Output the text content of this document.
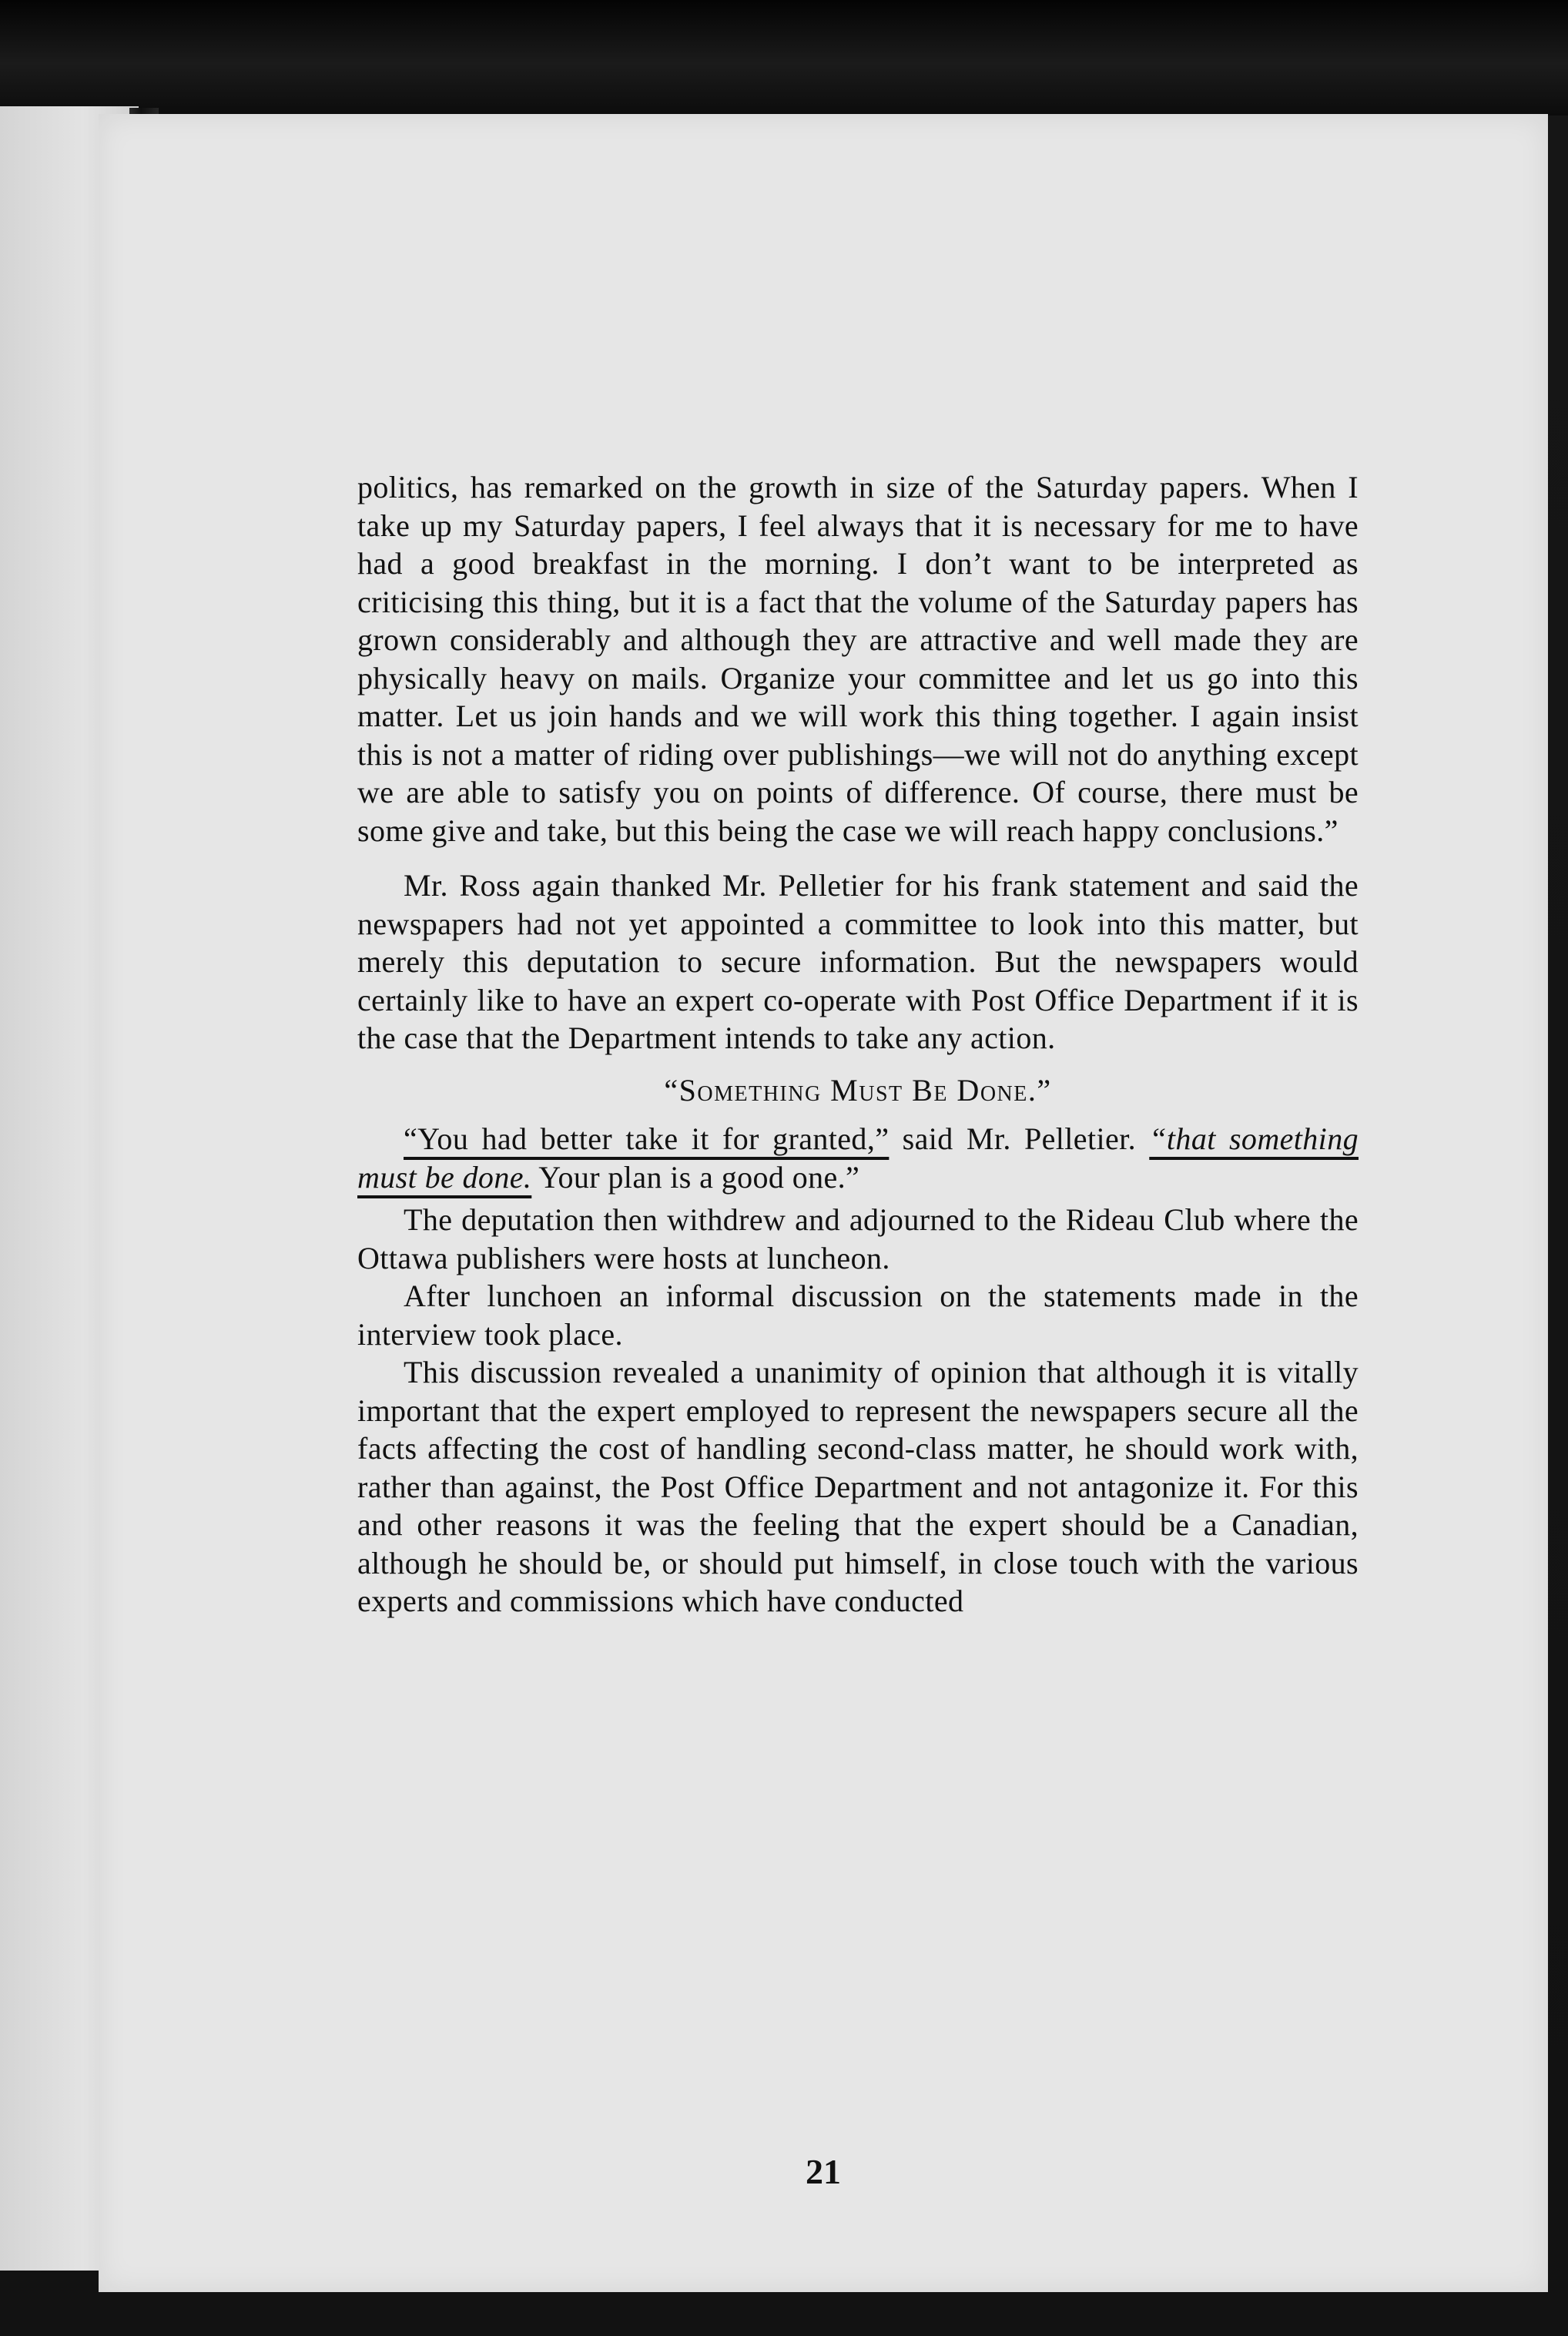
politics, has remarked on the growth in size of the Saturday papers. When I take up my Saturday papers, I feel always that it is necessary for me to have had a good breakfast in the morning. I don’t want to be interpreted as criticising this thing, but it is a fact that the volume of the Saturday papers has grown considerably and although they are attractive and well made they are physically heavy on mails. Organize your committee and let us go into this matter. Let us join hands and we will work this thing together. I again insist this is not a matter of riding over publishings—we will not do anything except we are able to satisfy you on points of difference. Of course, there must be some give and take, but this being the case we will reach happy conclusions.”

Mr. Ross again thanked Mr. Pelletier for his frank statement and said the newspapers had not yet appointed a committee to look into this matter, but merely this deputation to secure information. But the newspapers would certainly like to have an expert co-operate with Post Office Department if it is the case that the Department intends to take any action.

“Something Must Be Done.”

“You had better take it for granted,” said Mr. Pelletier. “that something must be done. Your plan is a good one.”

The deputation then withdrew and adjourned to the Rideau Club where the Ottawa publishers were hosts at luncheon.

After lunchoen an informal discussion on the statements made in the interview took place.

This discussion revealed a unanimity of opinion that although it is vitally important that the expert employed to represent the newspapers secure all the facts affecting the cost of handling second-class matter, he should work with, rather than against, the Post Office Department and not antagonize it. For this and other reasons it was the feeling that the expert should be a Canadian, although he should be, or should put himself, in close touch with the various experts and commissions which have conducted

21
